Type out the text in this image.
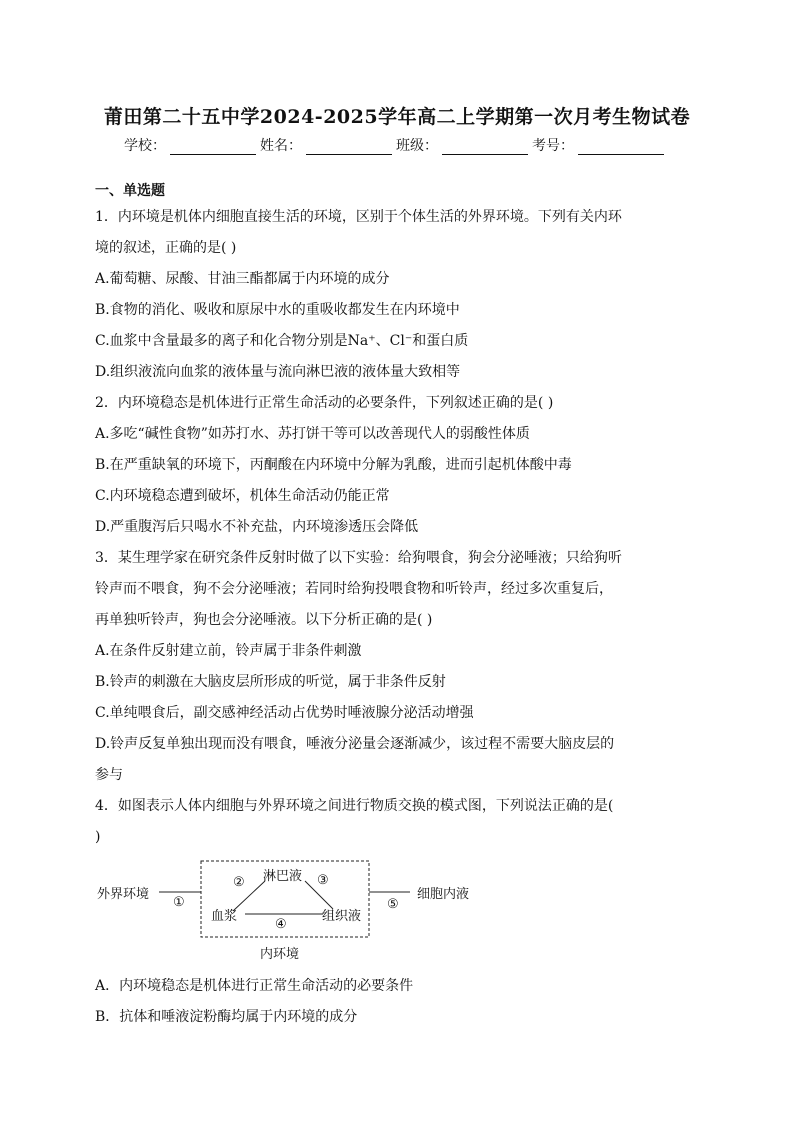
莆田第二十五中学2024-2025学年高二上学期第一次月考生物试卷
学校：	姓名：	班级：	考号：
一、单选题
1．内环境是机体内细胞直接生活的环境，区别于个体生活的外界环境。下列有关内环
境的叙述，正确的是( )
A.葡萄糖、尿酸、甘油三酯都属于内环境的成分
B.食物的消化、吸收和原尿中水的重吸收都发生在内环境中
C.血浆中含量最多的离子和化合物分别是Na⁺、Cl⁻和蛋白质
D.组织液流向血浆的液体量与流向淋巴液的液体量大致相等
2．内环境稳态是机体进行正常生命活动的必要条件，下列叙述正确的是( )
A.多吃“碱性食物”如苏打水、苏打饼干等可以改善现代人的弱酸性体质
B.在严重缺氧的环境下，丙酮酸在内环境中分解为乳酸，进而引起机体酸中毒
C.内环境稳态遭到破坏，机体生命活动仍能正常
D.严重腹泻后只喝水不补充盐，内环境渗透压会降低
3．某生理学家在研究条件反射时做了以下实验：给狗喂食，狗会分泌唾液；只给狗听
铃声而不喂食，狗不会分泌唾液；若同时给狗投喂食物和听铃声，经过多次重复后，
再单独听铃声，狗也会分泌唾液。以下分析正确的是( )
A.在条件反射建立前，铃声属于非条件刺激
B.铃声的刺激在大脑皮层所形成的听觉，属于非条件反射
C.单纯喂食后，副交感神经活动占优势时唾液腺分泌活动增强
D.铃声反复单独出现而没有喂食，唾液分泌量会逐渐减少，该过程不需要大脑皮层的
参与
4．如图表示人体内细胞与外界环境之间进行物质交换的模式图，下列说法正确的是(
)
外界环境
①
淋巴液
②	③
血浆	组织液
④
⑤
细胞内液
内环境
A．内环境稳态是机体进行正常生命活动的必要条件
B．抗体和唾液淀粉酶均属于内环境的成分
